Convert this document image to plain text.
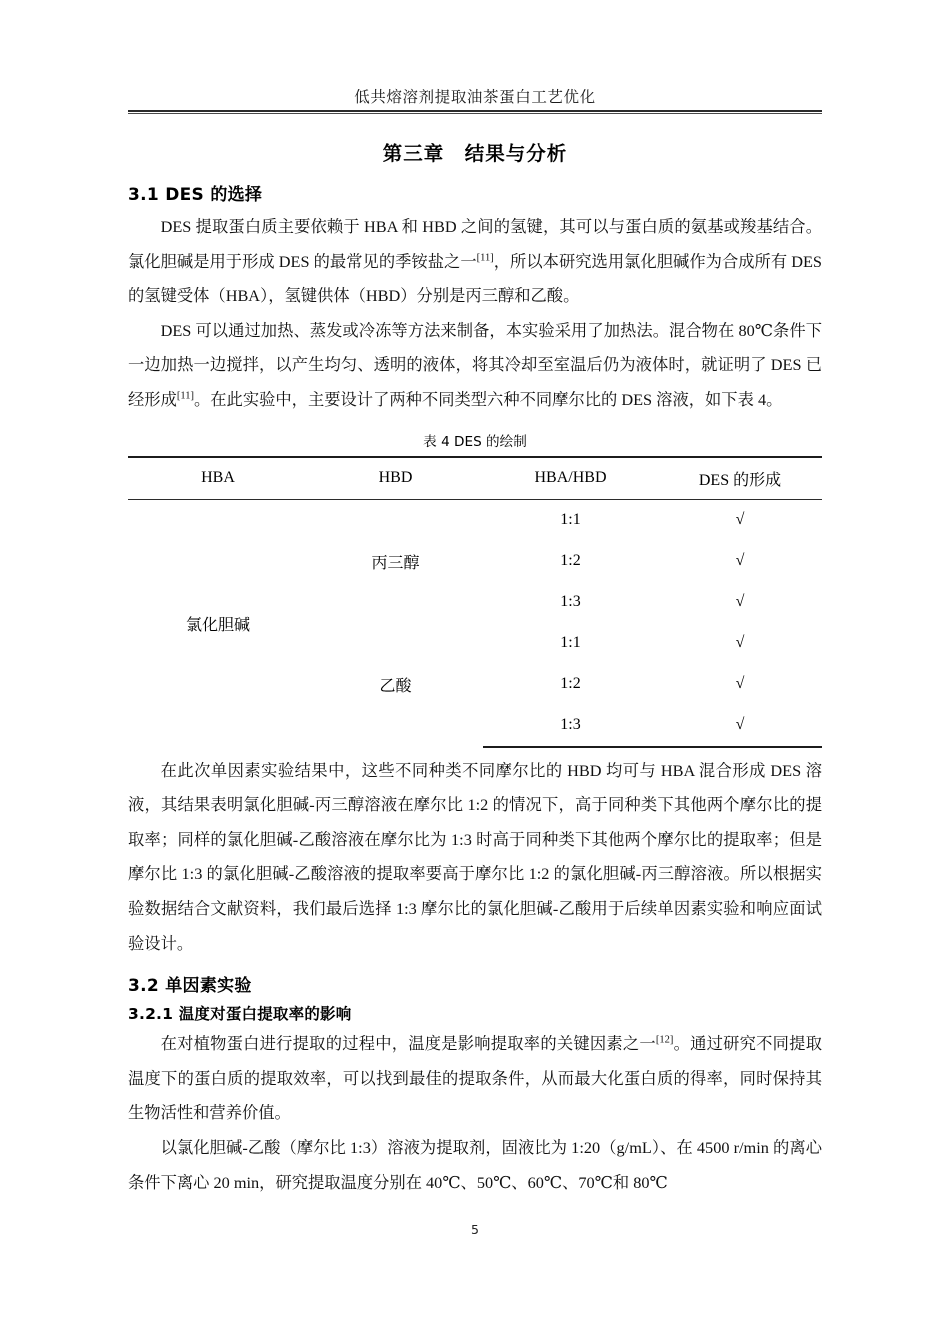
低共熔溶剂提取油茶蛋白工艺优化
第三章　结果与分析
3.1 DES 的选择

DES 提取蛋白质主要依赖于 HBA 和 HBD 之间的氢键，其可以与蛋白质的氨基或羧基结合。氯化胆碱是用于形成 DES 的最常见的季铵盐之一[11]，所以本研究选用氯化胆碱作为合成所有 DES 的氢键受体（HBA），氢键供体（HBD）分别是丙三醇和乙酸。

DES 可以通过加热、蒸发或冷冻等方法来制备，本实验采用了加热法。混合物在 80℃条件下一边加热一边搅拌，以产生均匀、透明的液体，将其冷却至室温后仍为液体时，就证明了 DES 已经形成[11]。在此实验中，主要设计了两种不同类型六种不同摩尔比的 DES 溶液，如下表 4。

表 4 DES 的绘制
HBA	HBD	HBA/HBD	DES 的形成
氯化胆碱	丙三醇	1:1	√
		1:2	√
		1:3	√
	乙酸	1:1	√
		1:2	√
		1:3	√

在此次单因素实验结果中，这些不同种类不同摩尔比的 HBD 均可与 HBA 混合形成 DES 溶液，其结果表明氯化胆碱-丙三醇溶液在摩尔比 1:2 的情况下，高于同种类下其他两个摩尔比的提取率；同样的氯化胆碱-乙酸溶液在摩尔比为 1:3 时高于同种类下其他两个摩尔比的提取率；但是摩尔比 1:3 的氯化胆碱-乙酸溶液的提取率要高于摩尔比 1:2 的氯化胆碱-丙三醇溶液。所以根据实验数据结合文献资料，我们最后选择 1:3 摩尔比的氯化胆碱-乙酸用于后续单因素实验和响应面试验设计。

3.2 单因素实验
3.2.1 温度对蛋白提取率的影响

在对植物蛋白进行提取的过程中，温度是影响提取率的关键因素之一[12]。通过研究不同提取温度下的蛋白质的提取效率，可以找到最佳的提取条件，从而最大化蛋白质的得率，同时保持其生物活性和营养价值。

以氯化胆碱-乙酸（摩尔比 1:3）溶液为提取剂，固液比为 1:20（g/mL）、在 4500 r/min 的离心条件下离心 20 min，研究提取温度分别在 40℃、50℃、60℃、70℃和 80℃

5
